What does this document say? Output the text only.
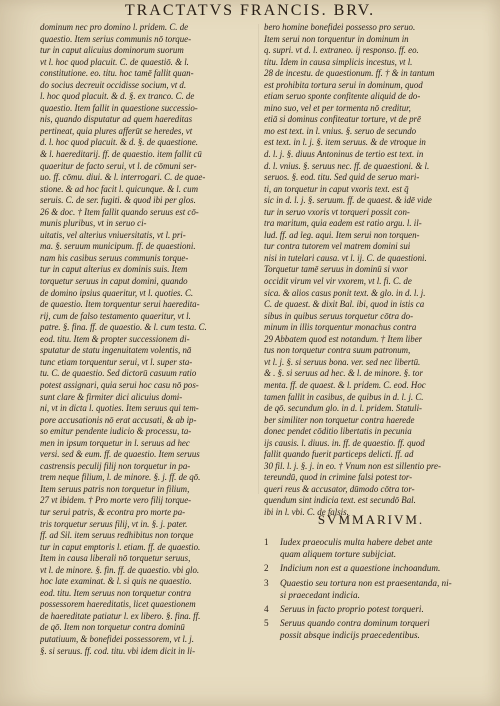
TRACTATVS FRANCIS. BRV.
dominum nec pro domino l. pridem. C. de
quaestio. Item serius communis nō torque-
tur in caput alicuius dominorum suorum
vt l. hoc quod placuit. C. de quaestiō. & l.
constitutione. eo. titu. hoc tamē fallit quan-
do socius decreuit occidisse socium, vt d.
l. hoc quod placuit. & d. §. ex tranco. C. de
quaestio. Item fallit in quaestione successio-
nis, quando disputatur ad quem haereditas
pertineat, quia plures afferūt se heredes, vt
d. l. hoc quod placuit. & d. §. de quaestione.
& l. haereditarij. ff. de quaestio. item fallit cū
quaeritur de facto serui, vt l. de cōmuni ser-
uo. ff. cōmu. diui. & l. interrogari. C. de quae-
stione. & ad hoc facit l. quicunque. & l. cum
seruis. C. de ser. fugiti. & quod ibi per glos.
26 & doc. † Item fallit quando seruus est cō-
munis pluribus, vt in seruo ci-
uitatis, vel alterius vniuersitatis, vt l. pri-
ma. §. seruum municipum. ff. de quaestioni.
nam his casibus seruus communis torque-
tur in caput alterius ex dominis suis. Item
torquetur seruus in caput domini, quando
de domino ipsius quaeritur, vt l. quoties. C.
de quaestio. Item torquentur serui haeredita-
rij, cum de falso testamento quaeritur, vt l.
patre. §. fina. ff. de quaestio. & l. cum testa. C.
eod. titu. Item & propter successionem di-
sputatur de statu ingenuitatem volentis, nā
tunc etiam torquentur serui, vt l. super sta-
tu. C. de quaestio. Sed dictorū casuum ratio
potest assignari, quia serui hoc casu nō pos-
sunt clare & firmiter dici alicuius domi-
ni, vt in dicta l. quoties. Item seruus qui tem-
pore accusationis nō erat accusati, & ab ip-
so emitur pendente iudicio & processu, ta-
men in ipsum torquetur in l. seruus ad hec
versi. sed & eum. ff. de quaestio. Item seruus
castrensis peculij filij non torquetur in pa-
trem neque filium, l. de minore. §. j. ff. de qō.
Item seruus patris non torquetur in filium,
27 vt ibidem. † Pro morte vero filij torque-
tur serui patris, & econtra pro morte pa-
tris torquetur seruus filij, vt in. §. j. pater.
ff. ad Sil. item seruus redhibitus non torque
tur in caput emptoris l. etiam. ff. de quaestio.
Item in causa liberali nō torquetur seruus,
vt l. de minore. §. fin. ff. de quaestio. vbi glo.
hoc late examinat. & l. si quis ne quaestio.
eod. titu. Item seruus non torquetur contra
possessorem haereditatis, licet quaestionem
de haereditate patiatur l. ex libero. §. fina. ff.
de qō. Item non torquetur contra dominū
putatiuum, & bonefidei possessorem, vt l. j.
§. si seruus. ff. cod. titu. vbi idem dicit in li-
bero homine bonefidei possesso pro seruo.
Item serui non torquentur in dominum in
q. supri. vt d. l. extraneo. ij responso. ff. eo.
titu. Idem in causa simplicis incestus, vt l.
28 de incestu. de quaestionum. ff. † & in tantum
est prohibita tortura serui in dominum, quod
etiam seruo sponte confitente aliquid de do-
mino suo, vel et per tormenta nō creditur,
etiā si dominus confiteatur torture, vt de prē
mo est text. in l. vnius. §. seruo de secundo
est text. in l. j. §. item seruus. & de vtroque in
d. l. j. §. diuus Antoninus de tertio est text. in
d. l. vnius. §. seruus nec. ff. de quaestioni. & l.
seruos. §. eod. titu. Sed quid de seruo mari-
ti, an torquetur in caput vxoris text. est q̄
sic in d. l. j. §. seruum. ff. de quaest. & idē vide
tur in seruo vxoris vt torqueri possit con-
tra maritum, quia eadem est ratio argu. l. il-
lud. ff. ad leg. aqui. Item serui non torquen-
tur contra tutorem vel matrem domini sui
nisi in tutelari causa. vt l. ij. C. de quaestioni.
Torquetur tamē seruus in dominū si vxor
occidit virum vel vir vxorem, vt l. fi. C. de
sica. & alios casus ponit text. & glo. in d. l. j.
C. de quaest. & dixit Bal. ibi, quod in istis ca
sibus in quibus seruus torquetur cōtra do-
minum in illis torquentur monachus contra
29 Abbatem quod est notandum. † Item liber
tus non torquetur contra suum patronum,
vt l. j. §. si seruus bona. ver. sed nec libertū.
& . §. si seruus ad hec. & l. de minore. §. tor
menta. ff. de quaest. & l. pridem. C. eod. Hoc
tamen fallit in casibus, de quibus in d. l. j. C.
de qō. secundum glo. in d. l. pridem. Statuli-
ber similiter non torquetur contra haerede
donec pendet cōditio libertatis in pecunia
ijs causis. l. diuus. in. ff. de quaestio. ff. quod
fallit quando fuerit particeps delicti. ff. ad
30 fil. l. j. §. j. in eo. † Vnum non est sillentio pre-
tereundū, quod in crimine falsi potest tor-
queri reus & accusator, dūmodo cōtra tor-
quendum sint indicia text. est secundō Bal.
ibi in l. vbi. C. de falsis.
SVMMARIVM.
1 Iudex praeoculis multa habere debet ante
quam aliquem torture subijciat.
2 Indicium non est a quaestione inchoandum.
3 Quaestio seu tortura non est praesentanda, ni-
si praecedant indicia.
4 Seruus in facto proprio potest torqueri.
5 Seruus quando contra dominum torqueri
possit absque indicijs praecedentibus.
